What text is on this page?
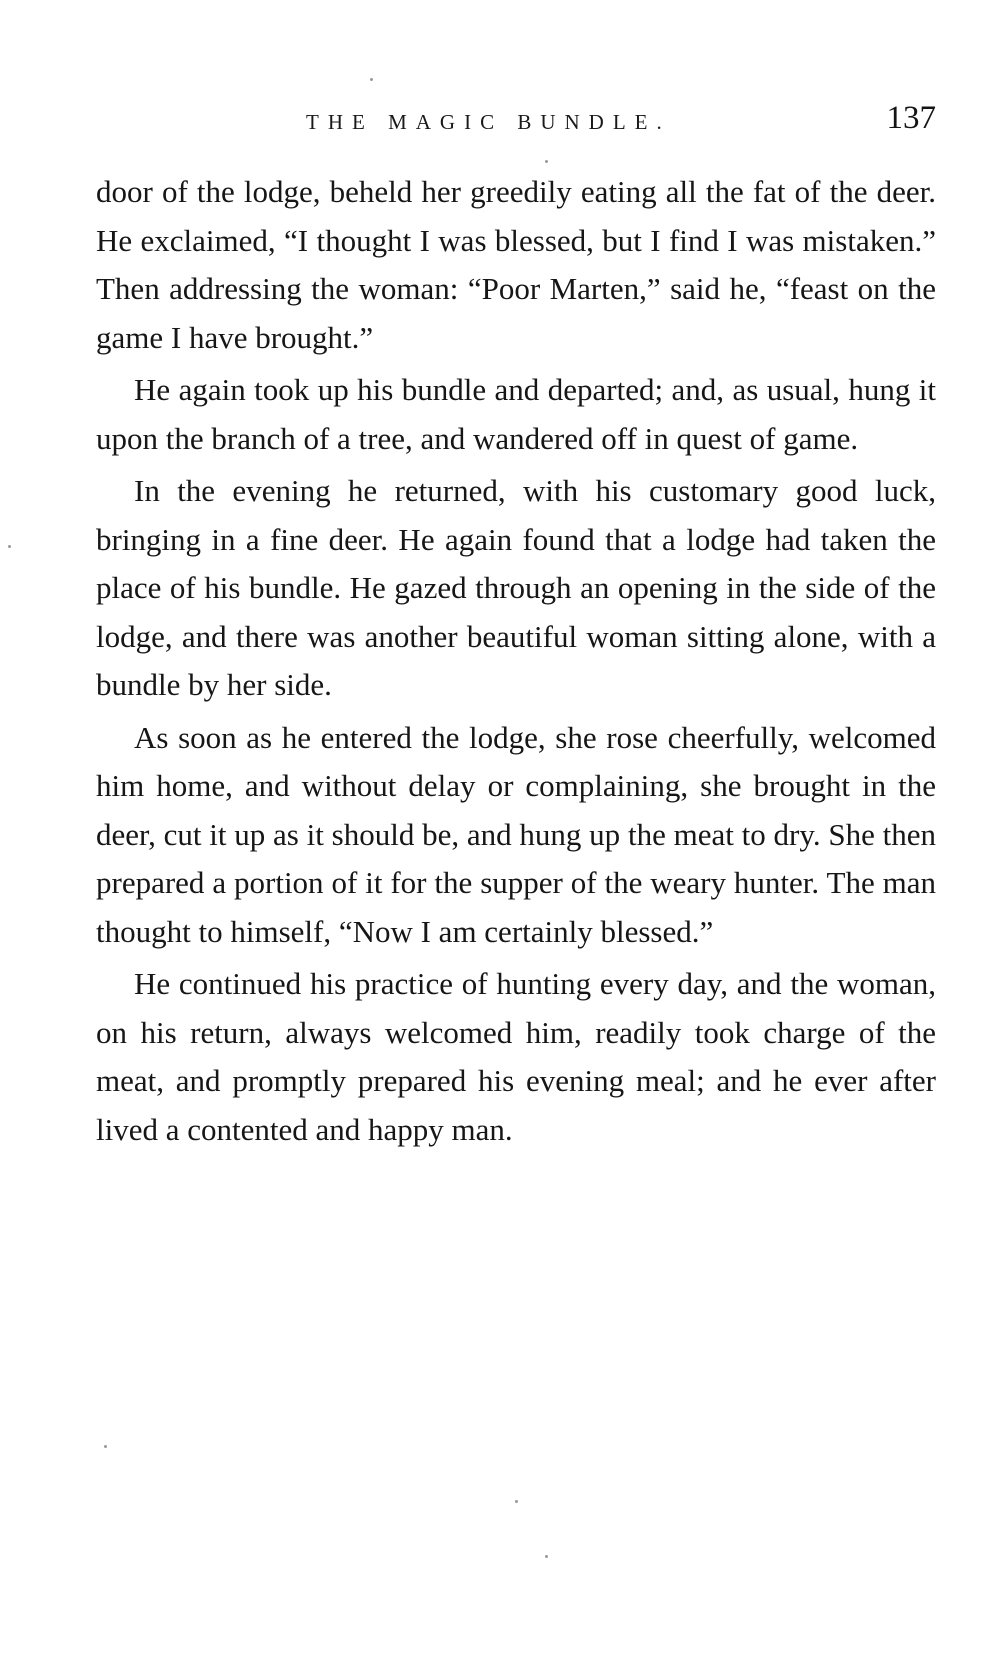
THE MAGIC BUNDLE.	137

door of the lodge, beheld her greedily eating all the fat of the deer. He exclaimed, “I thought I was blessed, but I find I was mistaken.” Then addressing the woman: “Poor Marten,” said he, “feast on the game I have brought.”

He again took up his bundle and departed; and, as usual, hung it upon the branch of a tree, and wandered off in quest of game.

In the evening he returned, with his customary good luck, bringing in a fine deer. He again found that a lodge had taken the place of his bundle. He gazed through an opening in the side of the lodge, and there was another beautiful woman sitting alone, with a bundle by her side.

As soon as he entered the lodge, she rose cheerfully, welcomed him home, and without delay or complaining, she brought in the deer, cut it up as it should be, and hung up the meat to dry. She then prepared a portion of it for the supper of the weary hunter. The man thought to himself, “Now I am certainly blessed.”

He continued his practice of hunting every day, and the woman, on his return, always welcomed him, readily took charge of the meat, and promptly prepared his evening meal; and he ever after lived a contented and happy man.
